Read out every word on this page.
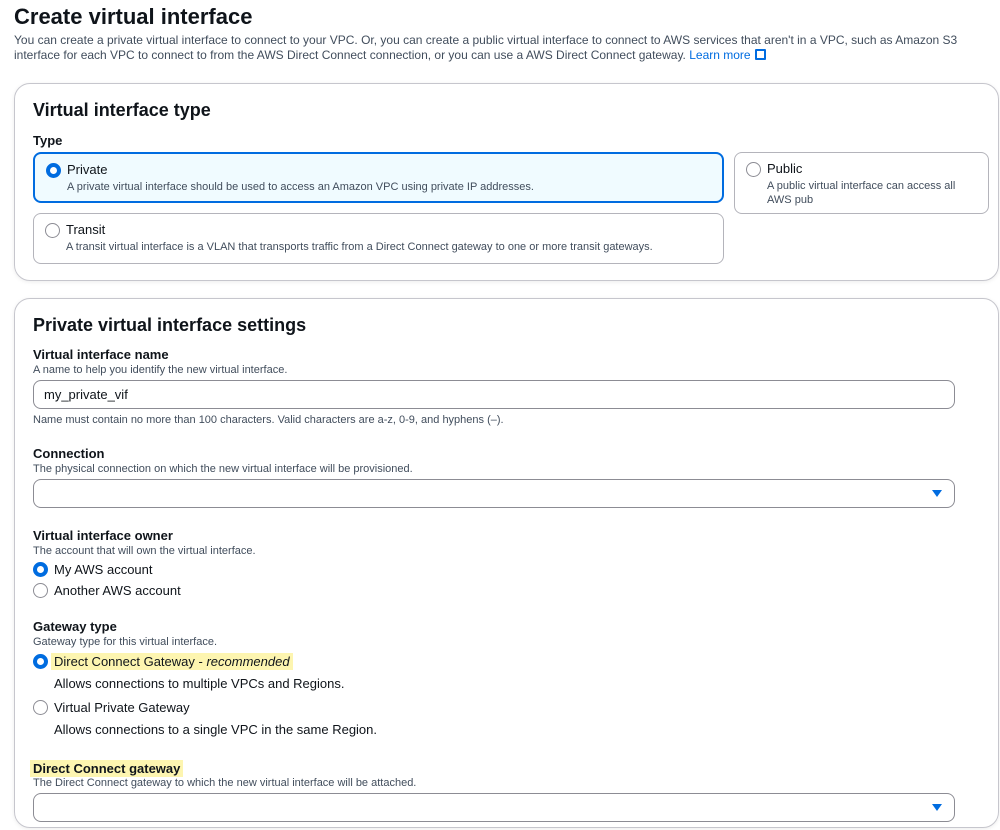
Create virtual interface
You can create a private virtual interface to connect to your VPC. Or, you can create a public virtual interface to connect to AWS services that aren't in a VPC, such as Amazon S3 interface for each VPC to connect to from the AWS Direct Connect connection, or you can use a AWS Direct Connect gateway. Learn more
Virtual interface type
Type
Private
A private virtual interface should be used to access an Amazon VPC using private IP addresses.
Public
A public virtual interface can access all AWS pub
Transit
A transit virtual interface is a VLAN that transports traffic from a Direct Connect gateway to one or more transit gateways.
Private virtual interface settings
Virtual interface name
A name to help you identify the new virtual interface.
my_private_vif
Name must contain no more than 100 characters. Valid characters are a-z, 0-9, and hyphens (–).
Connection
The physical connection on which the new virtual interface will be provisioned.
Virtual interface owner
The account that will own the virtual interface.
My AWS account
Another AWS account
Gateway type
Gateway type for this virtual interface.
Direct Connect Gateway - recommended
Allows connections to multiple VPCs and Regions.
Virtual Private Gateway
Allows connections to a single VPC in the same Region.
Direct Connect gateway
The Direct Connect gateway to which the new virtual interface will be attached.
